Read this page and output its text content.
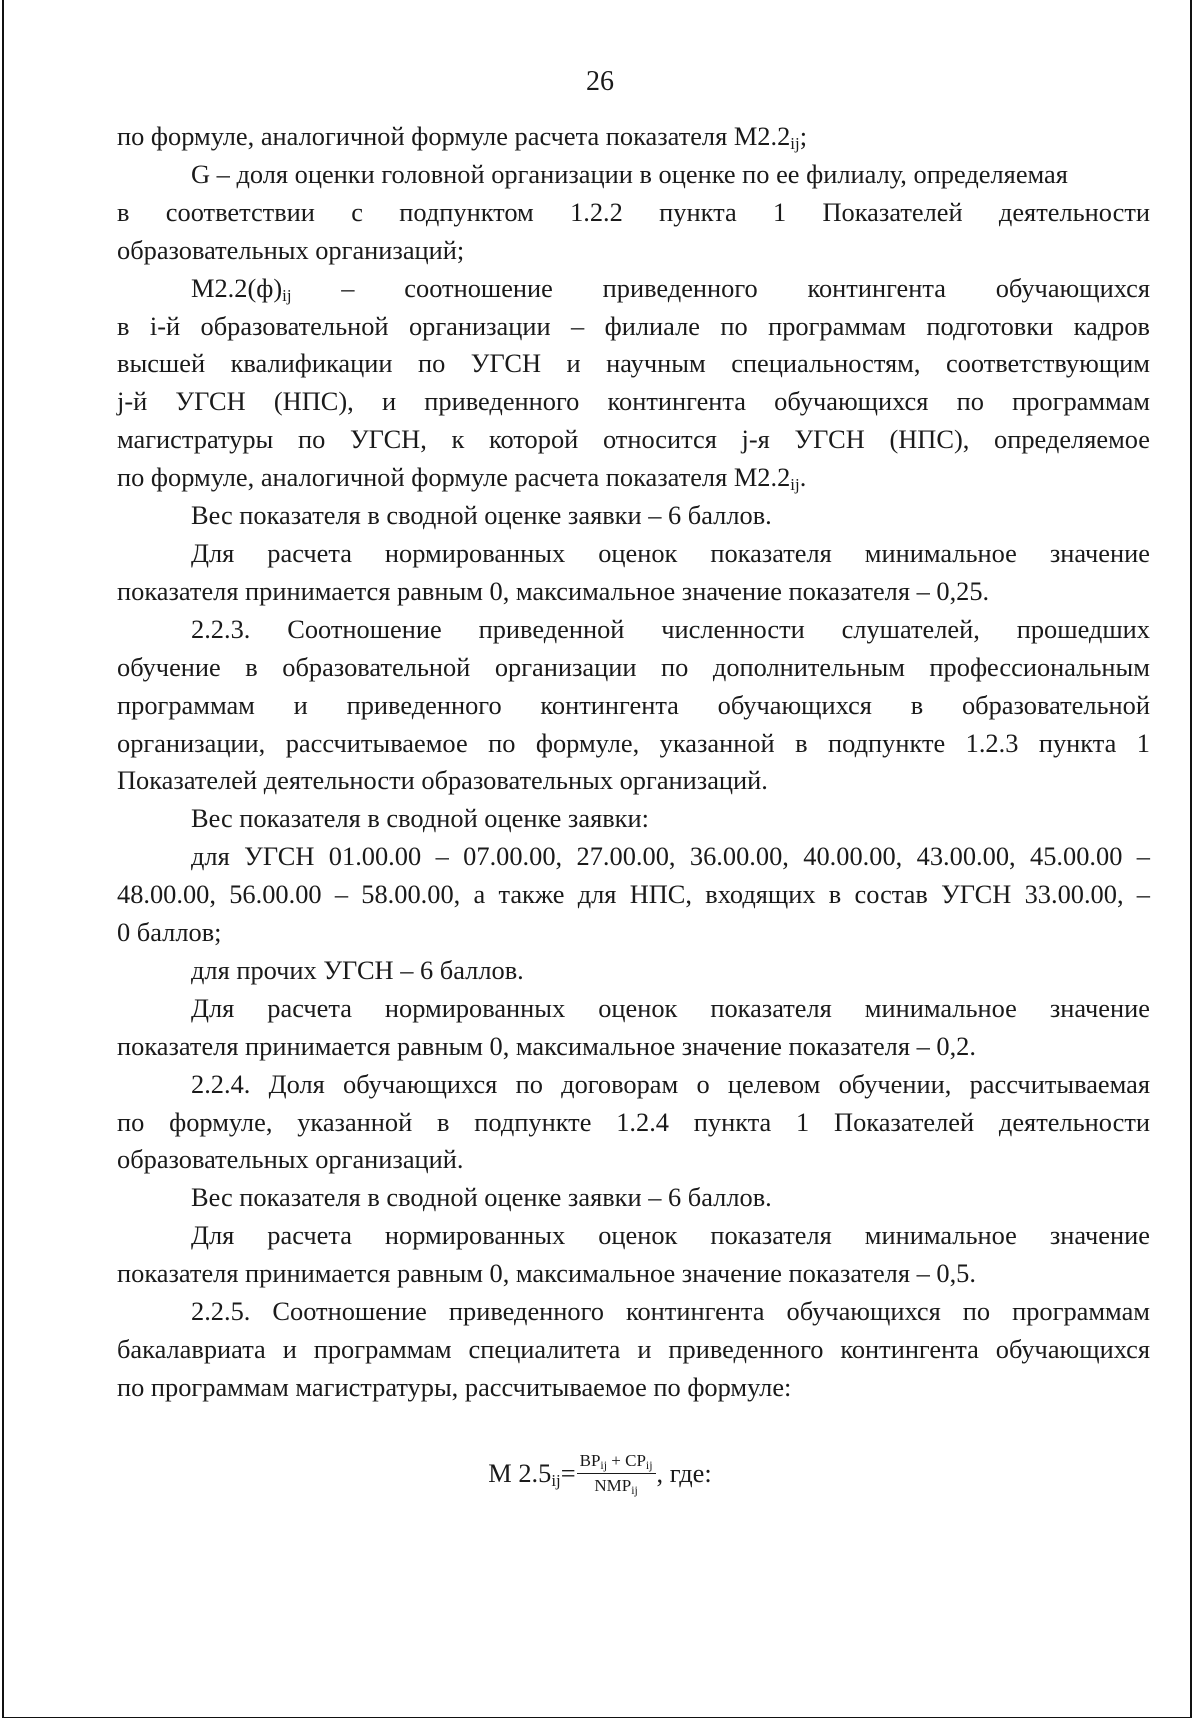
26

по формуле, аналогичной формуле расчета показателя $M2.2_{ij}$;

G – доля оценки головной организации в оценке по ее филиалу, определяемая

в соответствии с подпунктом 1.2.2 пункта 1 Показателей деятельности

образовательных организаций;

$M2.2(ф)_{ij}$ – соотношение приведенного контингента обучающихся

в i-й образовательной организации – филиале по программам подготовки кадров

высшей квалификации по УГСН и научным специальностям, соответствующим

j-й УГСН (НПС), и приведенного контингента обучающихся по программам

магистратуры по УГСН, к которой относится j-я УГСН (НПС), определяемое

по формуле, аналогичной формуле расчета показателя $M2.2_{ij}$.

Вес показателя в сводной оценке заявки – 6 баллов.

Для расчета нормированных оценок показателя минимальное значение

показателя принимается равным 0, максимальное значение показателя – 0,25.

2.2.3. Соотношение приведенной численности слушателей, прошедших

обучение в образовательной организации по дополнительным профессиональным

программам и приведенного контингента обучающихся в образовательной

организации, рассчитываемое по формуле, указанной в подпункте 1.2.3 пункта 1

Показателей деятельности образовательных организаций.

Вес показателя в сводной оценке заявки:

для УГСН 01.00.00 – 07.00.00, 27.00.00, 36.00.00, 40.00.00, 43.00.00, 45.00.00 –

48.00.00, 56.00.00 – 58.00.00, а также для НПС, входящих в состав УГСН 33.00.00, –

0 баллов;

для прочих УГСН – 6 баллов.

Для расчета нормированных оценок показателя минимальное значение

показателя принимается равным 0, максимальное значение показателя – 0,2.

2.2.4. Доля обучающихся по договорам о целевом обучении, рассчитываемая

по формуле, указанной в подпункте 1.2.4 пункта 1 Показателей деятельности

образовательных организаций.

Вес показателя в сводной оценке заявки – 6 баллов.

Для расчета нормированных оценок показателя минимальное значение

показателя принимается равным 0, максимальное значение показателя – 0,5.

2.2.5. Соотношение приведенного контингента обучающихся по программам

бакалавриата и программам специалитета и приведенного контингента обучающихся

по программам магистратуры, рассчитываемое по формуле:

M $2.5_{ij}= \frac{BP_{ij} + CP_{ij}}{NMP_{ij}}$ , где:
